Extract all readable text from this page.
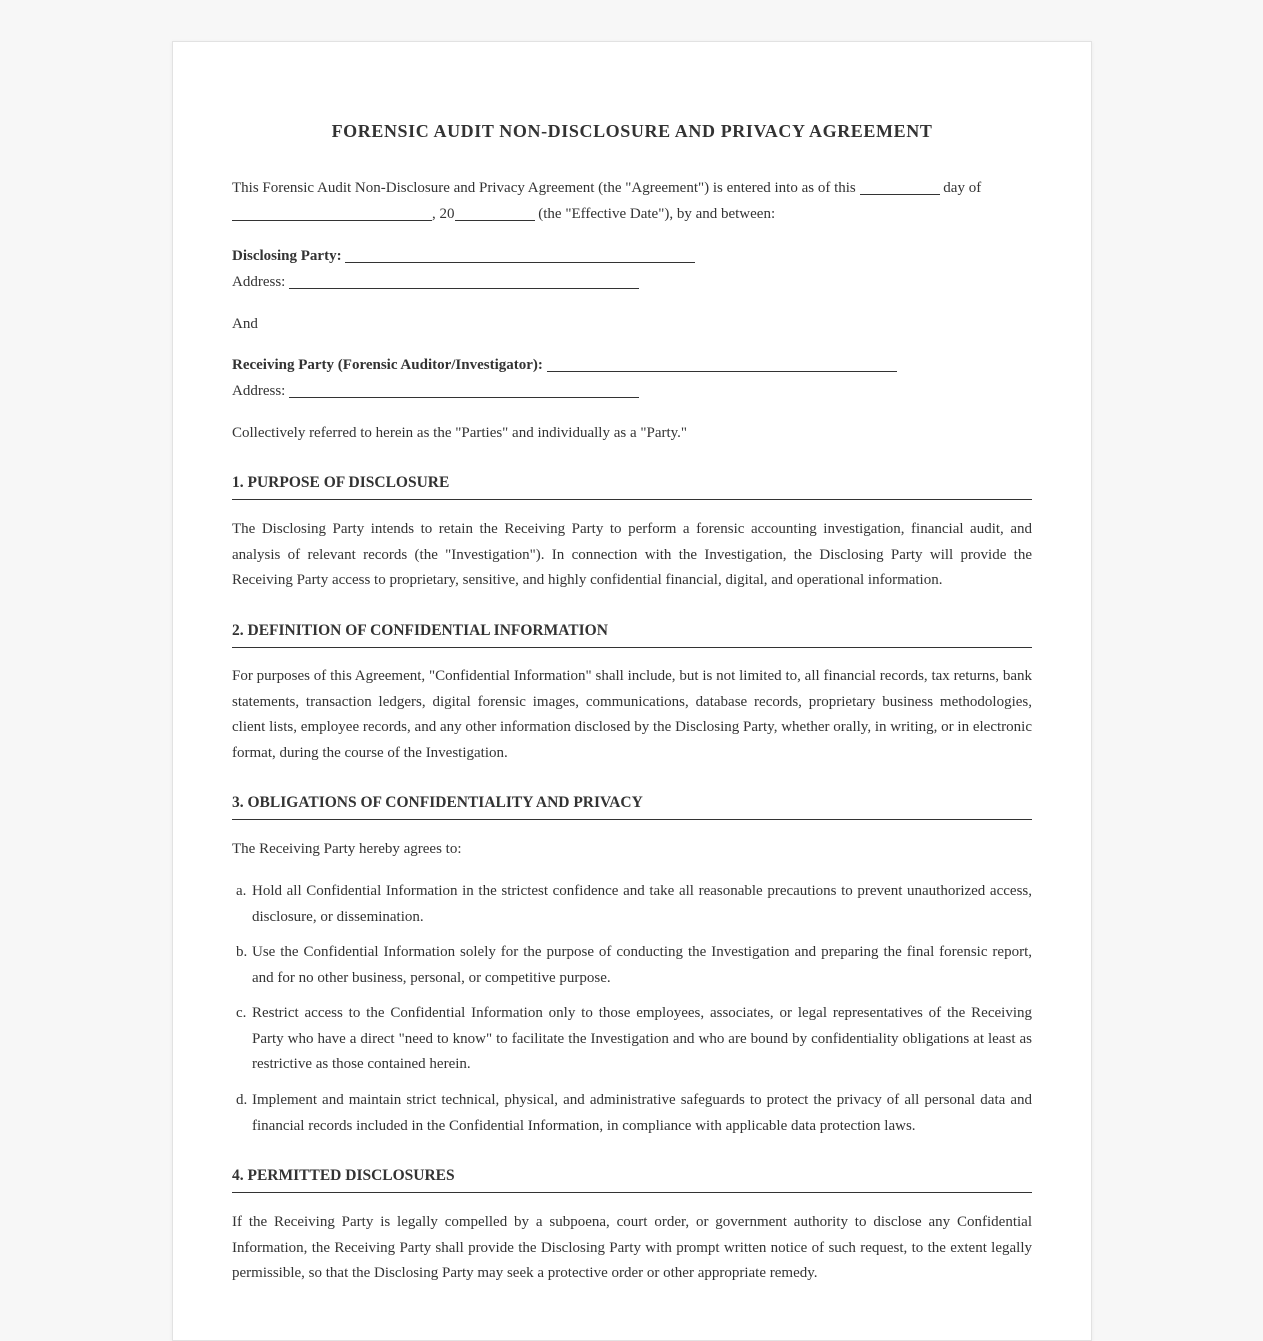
FORENSIC AUDIT NON-DISCLOSURE AND PRIVACY AGREEMENT

This Forensic Audit Non-Disclosure and Privacy Agreement (the "Agreement") is entered into as of this	day of
, 20	(the "Effective Date"), by and between:

Disclosing Party:

Address:

And

Receiving Party (Forensic Auditor/Investigator):

Address:

Collectively referred to herein as the "Parties" and individually as a "Party."

1. PURPOSE OF DISCLOSURE

The Disclosing Party intends to retain the Receiving Party to perform a forensic accounting investigation, financial audit, and analysis of relevant records (the "Investigation"). In connection with the Investigation, the Disclosing Party will provide the Receiving Party access to proprietary, sensitive, and highly confidential financial, digital, and operational information.

2. DEFINITION OF CONFIDENTIAL INFORMATION

For purposes of this Agreement, "Confidential Information" shall include, but is not limited to, all financial records, tax returns, bank statements, transaction ledgers, digital forensic images, communications, database records, proprietary business methodologies, client lists, employee records, and any other information disclosed by the Disclosing Party, whether orally, in writing, or in electronic format, during the course of the Investigation.

3. OBLIGATIONS OF CONFIDENTIALITY AND PRIVACY

The Receiving Party hereby agrees to:

a. Hold all Confidential Information in the strictest confidence and take all reasonable precautions to prevent unauthorized access, disclosure, or dissemination.
b. Use the Confidential Information solely for the purpose of conducting the Investigation and preparing the final forensic report, and for no other business, personal, or competitive purpose.
c. Restrict access to the Confidential Information only to those employees, associates, or legal representatives of the Receiving Party who have a direct "need to know" to facilitate the Investigation and who are bound by confidentiality obligations at least as restrictive as those contained herein.
d. Implement and maintain strict technical, physical, and administrative safeguards to protect the privacy of all personal data and financial records included in the Confidential Information, in compliance with applicable data protection laws.
4. PERMITTED DISCLOSURES

If the Receiving Party is legally compelled by a subpoena, court order, or government authority to disclose any Confidential Information, the Receiving Party shall provide the Disclosing Party with prompt written notice of such request, to the extent legally permissible, so that the Disclosing Party may seek a protective order or other appropriate remedy.
